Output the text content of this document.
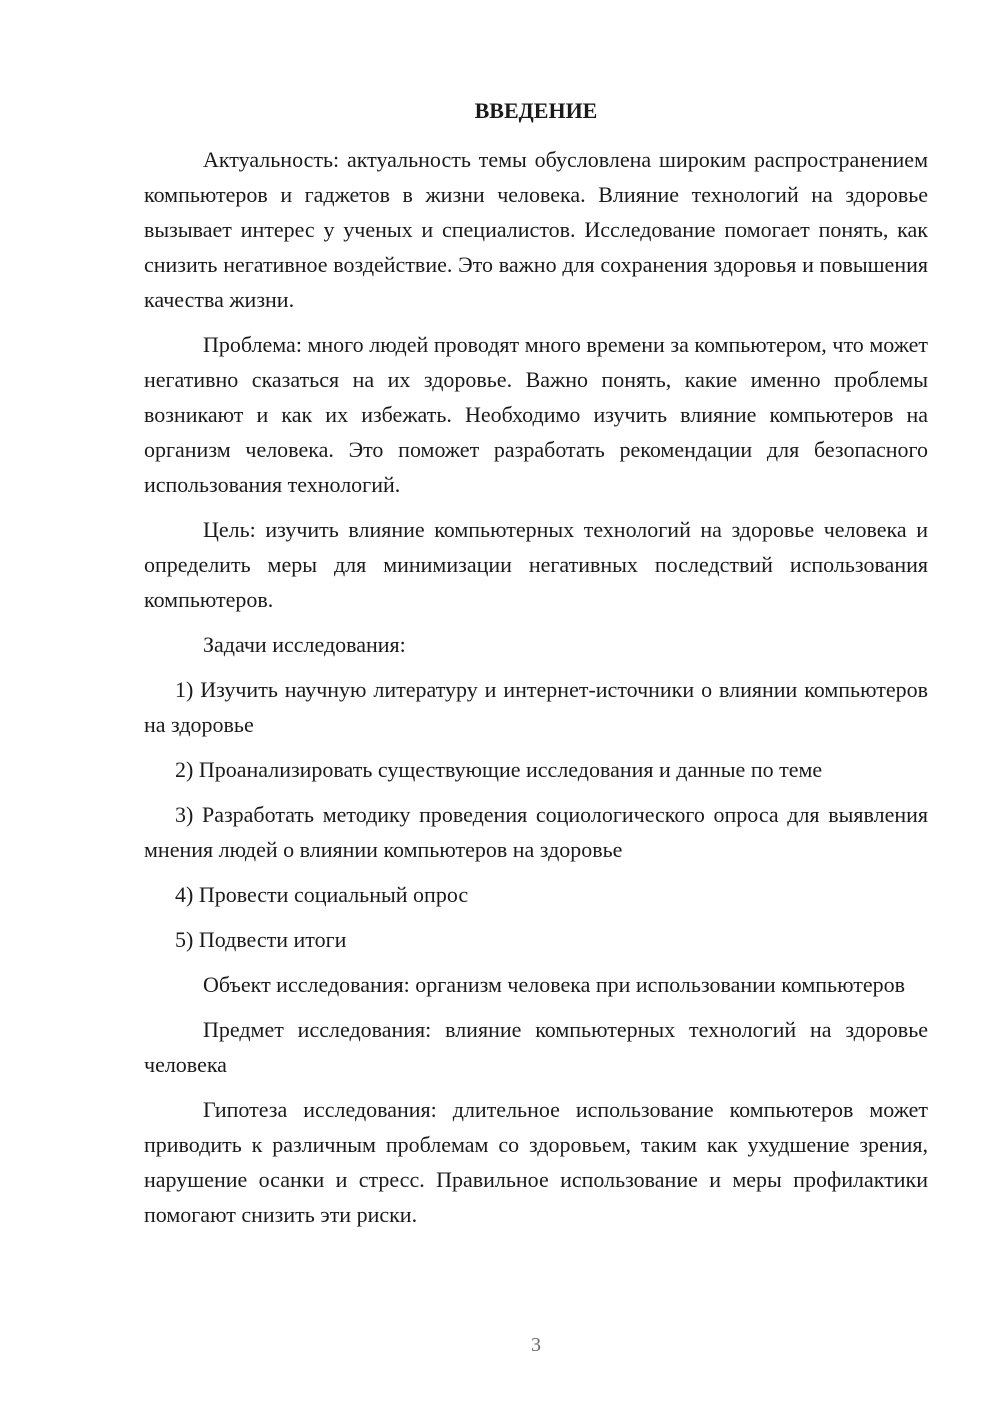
ВВЕДЕНИЕ

Актуальность: актуальность темы обусловлена широким распространением компьютеров и гаджетов в жизни человека. Влияние технологий на здоровье вызывает интерес у ученых и специалистов. Исследование помогает понять, как снизить негативное воздействие. Это важно для сохранения здоровья и повышения качества жизни.

Проблема: много людей проводят много времени за компьютером, что может негативно сказаться на их здоровье. Важно понять, какие именно проблемы возникают и как их избежать. Необходимо изучить влияние компьютеров на организм человека. Это поможет разработать рекомендации для безопасного использования технологий.

Цель: изучить влияние компьютерных технологий на здоровье человека и определить меры для минимизации негативных последствий использования компьютеров.

Задачи исследования:

1) Изучить научную литературу и интернет-источники о влиянии компьютеров на здоровье

2) Проанализировать существующие исследования и данные по теме

3) Разработать методику проведения социологического опроса для выявления мнения людей о влиянии компьютеров на здоровье

4) Провести социальный опрос

5) Подвести итоги

Объект исследования: организм человека при использовании компьютеров

Предмет исследования: влияние компьютерных технологий на здоровье человека

Гипотеза исследования: длительное использование компьютеров может приводить к различным проблемам со здоровьем, таким как ухудшение зрения, нарушение осанки и стресс. Правильное использование и меры профилактики помогают снизить эти риски.

3
